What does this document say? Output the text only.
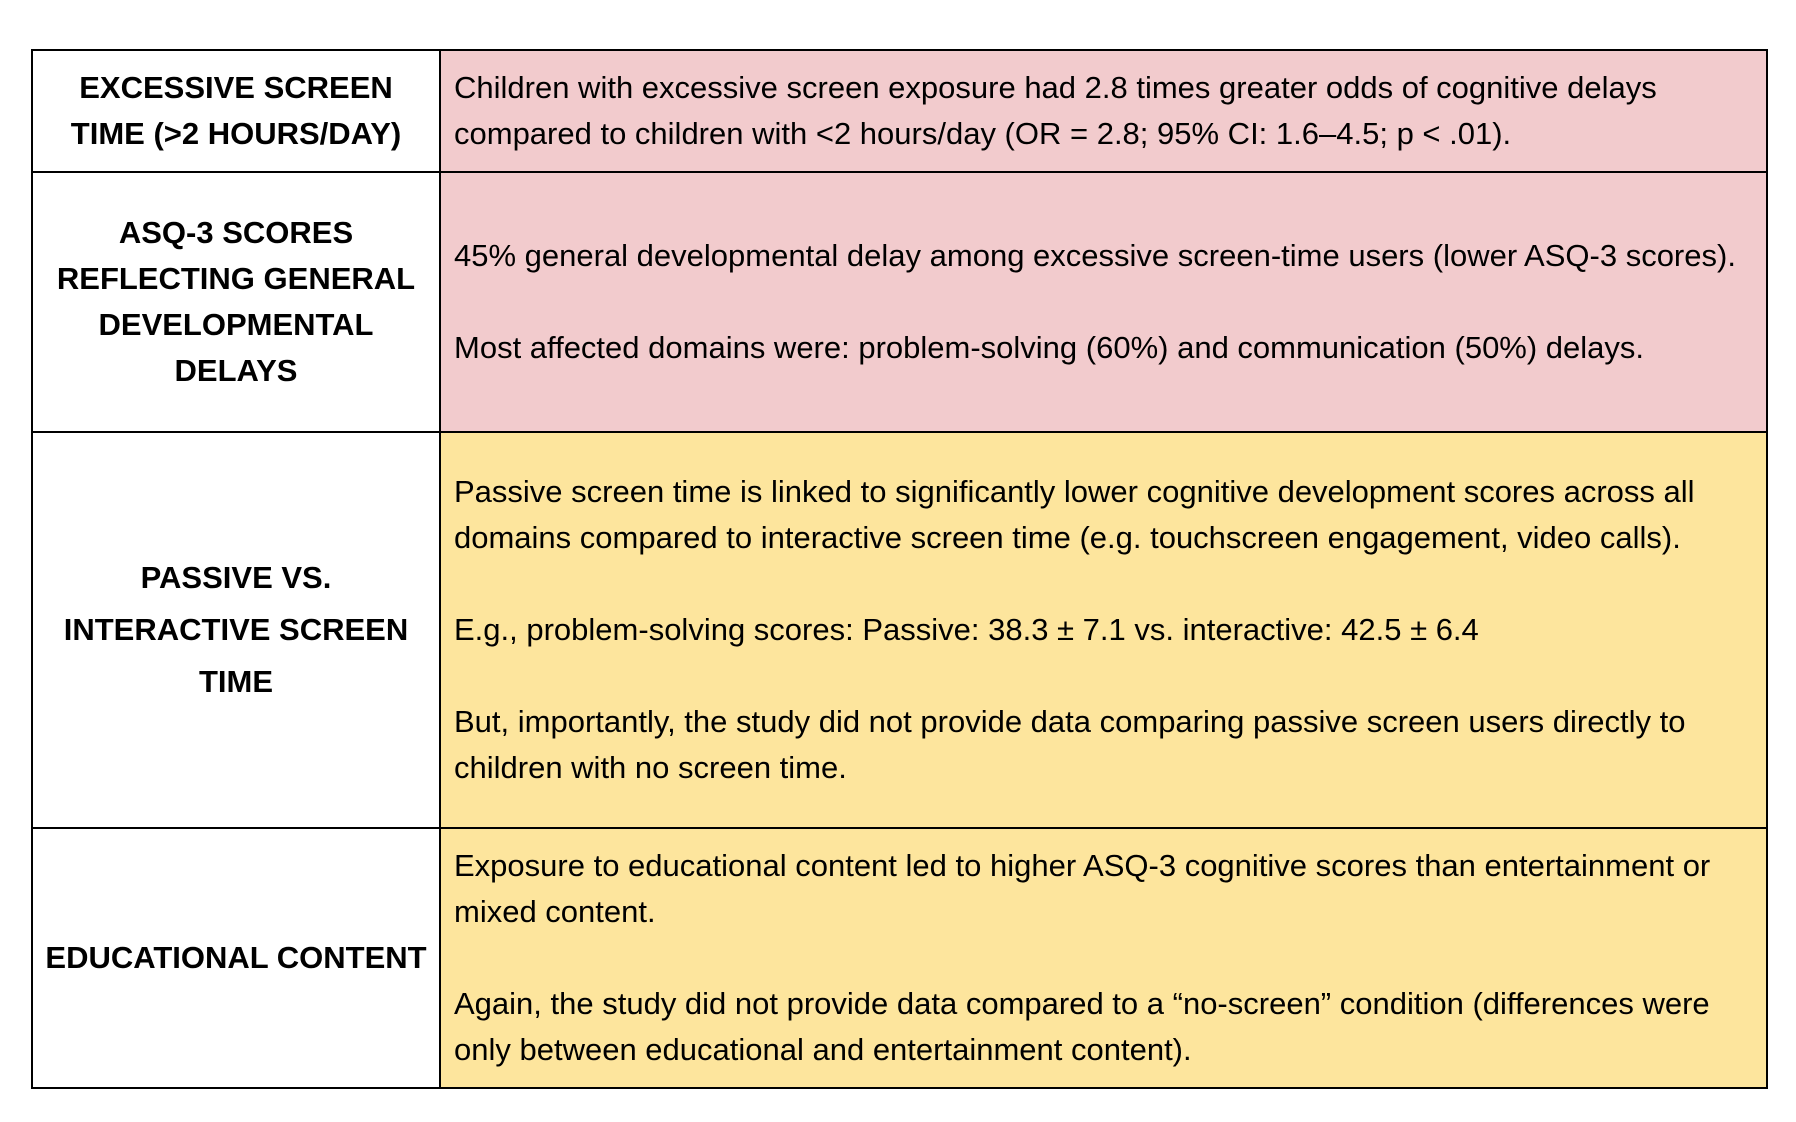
EXCESSIVE SCREEN TIME (>2 HOURS/DAY)	Children with excessive screen exposure had 2.8 times greater odds of cognitive delays compared to children with <2 hours/day (OR = 2.8; 95% CI: 1.6–4.5; p < .01).

ASQ-3 SCORES REFLECTING GENERAL DEVELOPMENTAL DELAYS	45% general developmental delay among excessive screen-time users (lower ASQ-3 scores).

Most affected domains were: problem-solving (60%) and communication (50%) delays.

PASSIVE VS. INTERACTIVE SCREEN TIME	Passive screen time is linked to significantly lower cognitive development scores across all domains compared to interactive screen time (e.g. touchscreen engagement, video calls).

E.g., problem-solving scores: Passive: 38.3 ± 7.1 vs. interactive: 42.5 ± 6.4

But, importantly, the study did not provide data comparing passive screen users directly to children with no screen time.

EDUCATIONAL CONTENT	Exposure to educational content led to higher ASQ-3 cognitive scores than entertainment or mixed content.

Again, the study did not provide data compared to a “no-screen” condition (differences were only between educational and entertainment content).
